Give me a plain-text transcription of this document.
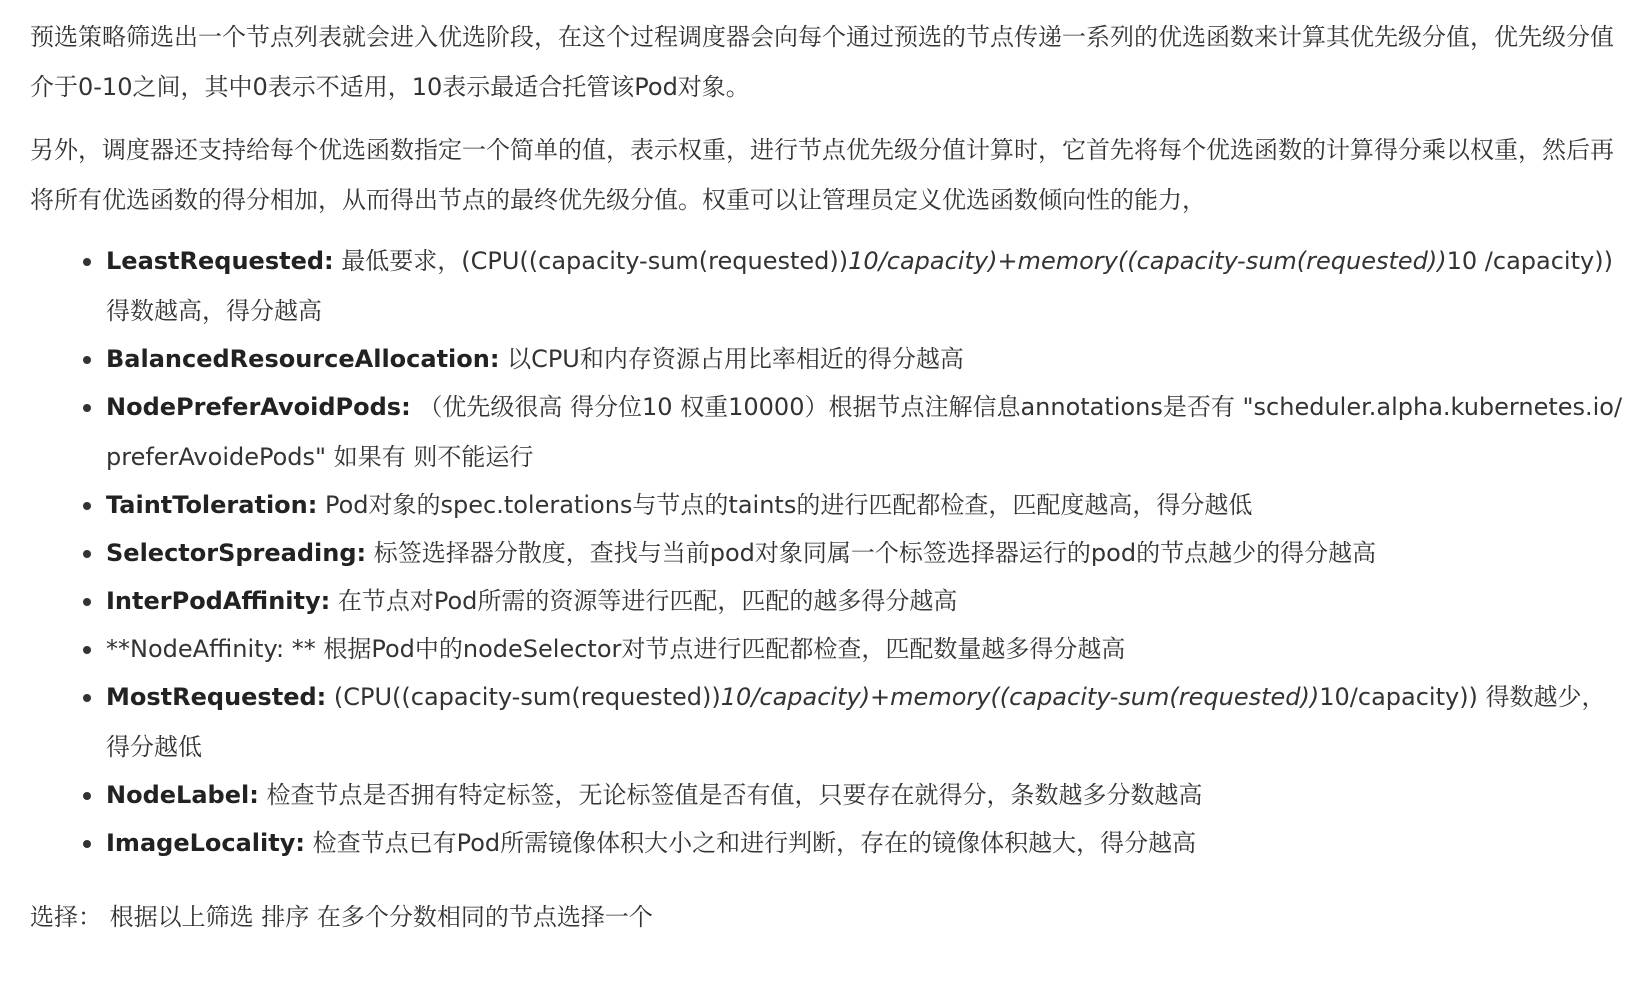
预选策略筛选出一个节点列表就会进入优选阶段，在这个过程调度器会向每个通过预选的节点传递一系列的优选函数来计算其优先级分值，优先级分值介于0-10之间，其中0表示不适用，10表示最适合托管该Pod对象。

另外，调度器还支持给每个优选函数指定一个简单的值，表示权重，进行节点优先级分值计算时，它首先将每个优选函数的计算得分乘以权重，然后再将所有优选函数的得分相加，从而得出节点的最终优先级分值。权重可以让管理员定义优选函数倾向性的能力，

LeastRequested: 最低要求，(CPU((capacity-sum(requested))10/capacity)+memory((capacity-sum(requested))10 /capacity)) 得数越高，得分越高
BalancedResourceAllocation: 以CPU和内存资源占用比率相近的得分越高
NodePreferAvoidPods: （优先级很高 得分位10 权重10000）根据节点注解信息annotations是否有 "scheduler.alpha.kubernetes.io/preferAvoidePods" 如果有 则不能运行
TaintToleration: Pod对象的spec.tolerations与节点的taints的进行匹配都检查，匹配度越高，得分越低
SelectorSpreading: 标签选择器分散度，查找与当前pod对象同属一个标签选择器运行的pod的节点越少的得分越高
InterPodAffinity: 在节点对Pod所需的资源等进行匹配，匹配的越多得分越高
**NodeAffinity: ** 根据Pod中的nodeSelector对节点进行匹配都检查，匹配数量越多得分越高
MostRequested: (CPU((capacity-sum(requested))10/capacity)+memory((capacity-sum(requested))10/capacity)) 得数越少，得分越低
NodeLabel: 检查节点是否拥有特定标签，无论标签值是否有值，只要存在就得分，条数越多分数越高
ImageLocality: 检查节点已有Pod所需镜像体积大小之和进行判断，存在的镜像体积越大，得分越高

选择： 根据以上筛选 排序 在多个分数相同的节点选择一个
